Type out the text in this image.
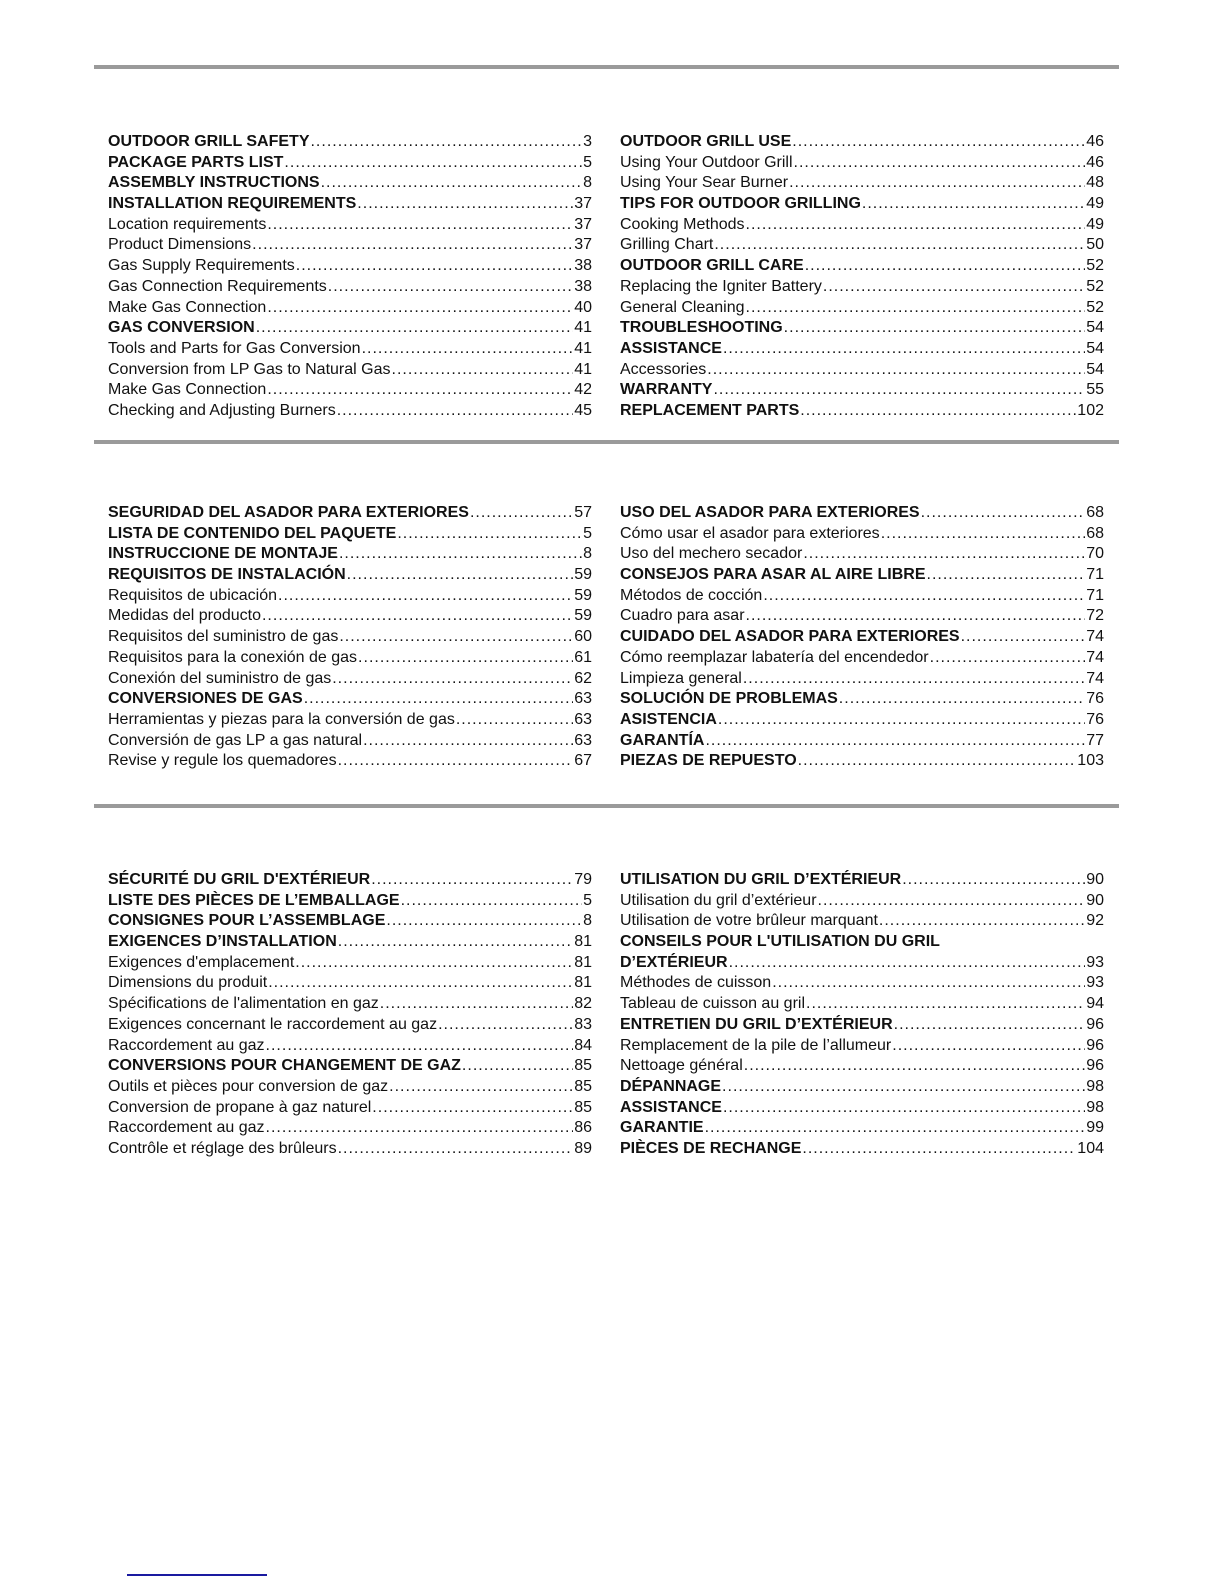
OUTDOOR GRILL SAFETY .....	3
PACKAGE PARTS LIST .....	5
ASSEMBLY INSTRUCTIONS .....	8
INSTALLATION REQUIREMENTS .....	37
Location requirements .....	37
Product Dimensions .....	37
Gas Supply Requirements .....	38
Gas Connection Requirements .....	38
Make Gas Connection .....	40
GAS CONVERSION .....	41
Tools and Parts for Gas Conversion .....	41
Conversion from LP Gas to Natural Gas .....	41
Make Gas Connection .....	42
Checking and Adjusting Burners .....	45
OUTDOOR GRILL USE .....	46
Using Your Outdoor Grill .....	46
Using Your Sear Burner .....	48
TIPS FOR OUTDOOR GRILLING .....	49
Cooking Methods .....	49
Grilling Chart .....	50
OUTDOOR GRILL CARE .....	52
Replacing the Igniter Battery .....	52
General Cleaning .....	52
TROUBLESHOOTING .....	54
ASSISTANCE .....	54
Accessories .....	54
WARRANTY .....	55
REPLACEMENT PARTS .....	102
SEGURIDAD DEL ASADOR PARA EXTERIORES .....	57
LISTA DE CONTENIDO DEL PAQUETE .....	5
INSTRUCCIONE DE MONTAJE .....	8
REQUISITOS DE INSTALACIÓN .....	59
Requisitos de ubicación .....	59
Medidas del producto .....	59
Requisitos del suministro de gas .....	60
Requisitos para la conexión de gas .....	61
Conexión del suministro de gas .....	62
CONVERSIONES DE GAS .....	63
Herramientas y piezas para la conversión de gas .....	63
Conversión de gas LP a gas natural .....	63
Revise y regule los quemadores .....	67
USO DEL ASADOR PARA EXTERIORES .....	68
Cómo usar el asador para exteriores .....	68
Uso del mechero secador .....	70
CONSEJOS PARA ASAR AL AIRE LIBRE .....	71
Métodos de cocción .....	71
Cuadro para asar .....	72
CUIDADO DEL ASADOR PARA EXTERIORES .....	74
Cómo reemplazar labatería del encendedor .....	74
Limpieza general .....	74
SOLUCIÓN DE PROBLEMAS .....	76
ASISTENCIA .....	76
GARANTÍA .....	77
PIEZAS DE REPUESTO .....	103
SÉCURITÉ DU GRIL D'EXTÉRIEUR .....	79
LISTE DES PIÈCES DE L’EMBALLAGE .....	5
CONSIGNES POUR L’ASSEMBLAGE .....	8
EXIGENCES D’INSTALLATION .....	81
Exigences d'emplacement .....	81
Dimensions du produit .....	81
Spécifications de l'alimentation en gaz .....	82
Exigences concernant le raccordement au gaz .....	83
Raccordement au gaz .....	84
CONVERSIONS POUR CHANGEMENT DE GAZ .....	85
Outils et pièces pour conversion de gaz .....	85
Conversion de propane à gaz naturel .....	85
Raccordement au gaz .....	86
Contrôle et réglage des brûleurs .....	89
UTILISATION DU GRIL D’EXTÉRIEUR .....	90
Utilisation du gril d’extérieur .....	90
Utilisation de votre brûleur marquant .....	92
CONSEILS POUR L'UTILISATION DU GRIL
D’EXTÉRIEUR .....	93
Méthodes de cuisson .....	93
Tableau de cuisson au gril .....	94
ENTRETIEN DU GRIL D’EXTÉRIEUR .....	96
Remplacement de la pile de l’allumeur .....	96
Nettoage général .....	96
DÉPANNAGE .....	98
ASSISTANCE .....	98
GARANTIE .....	99
PIÈCES DE RECHANGE .....	104
